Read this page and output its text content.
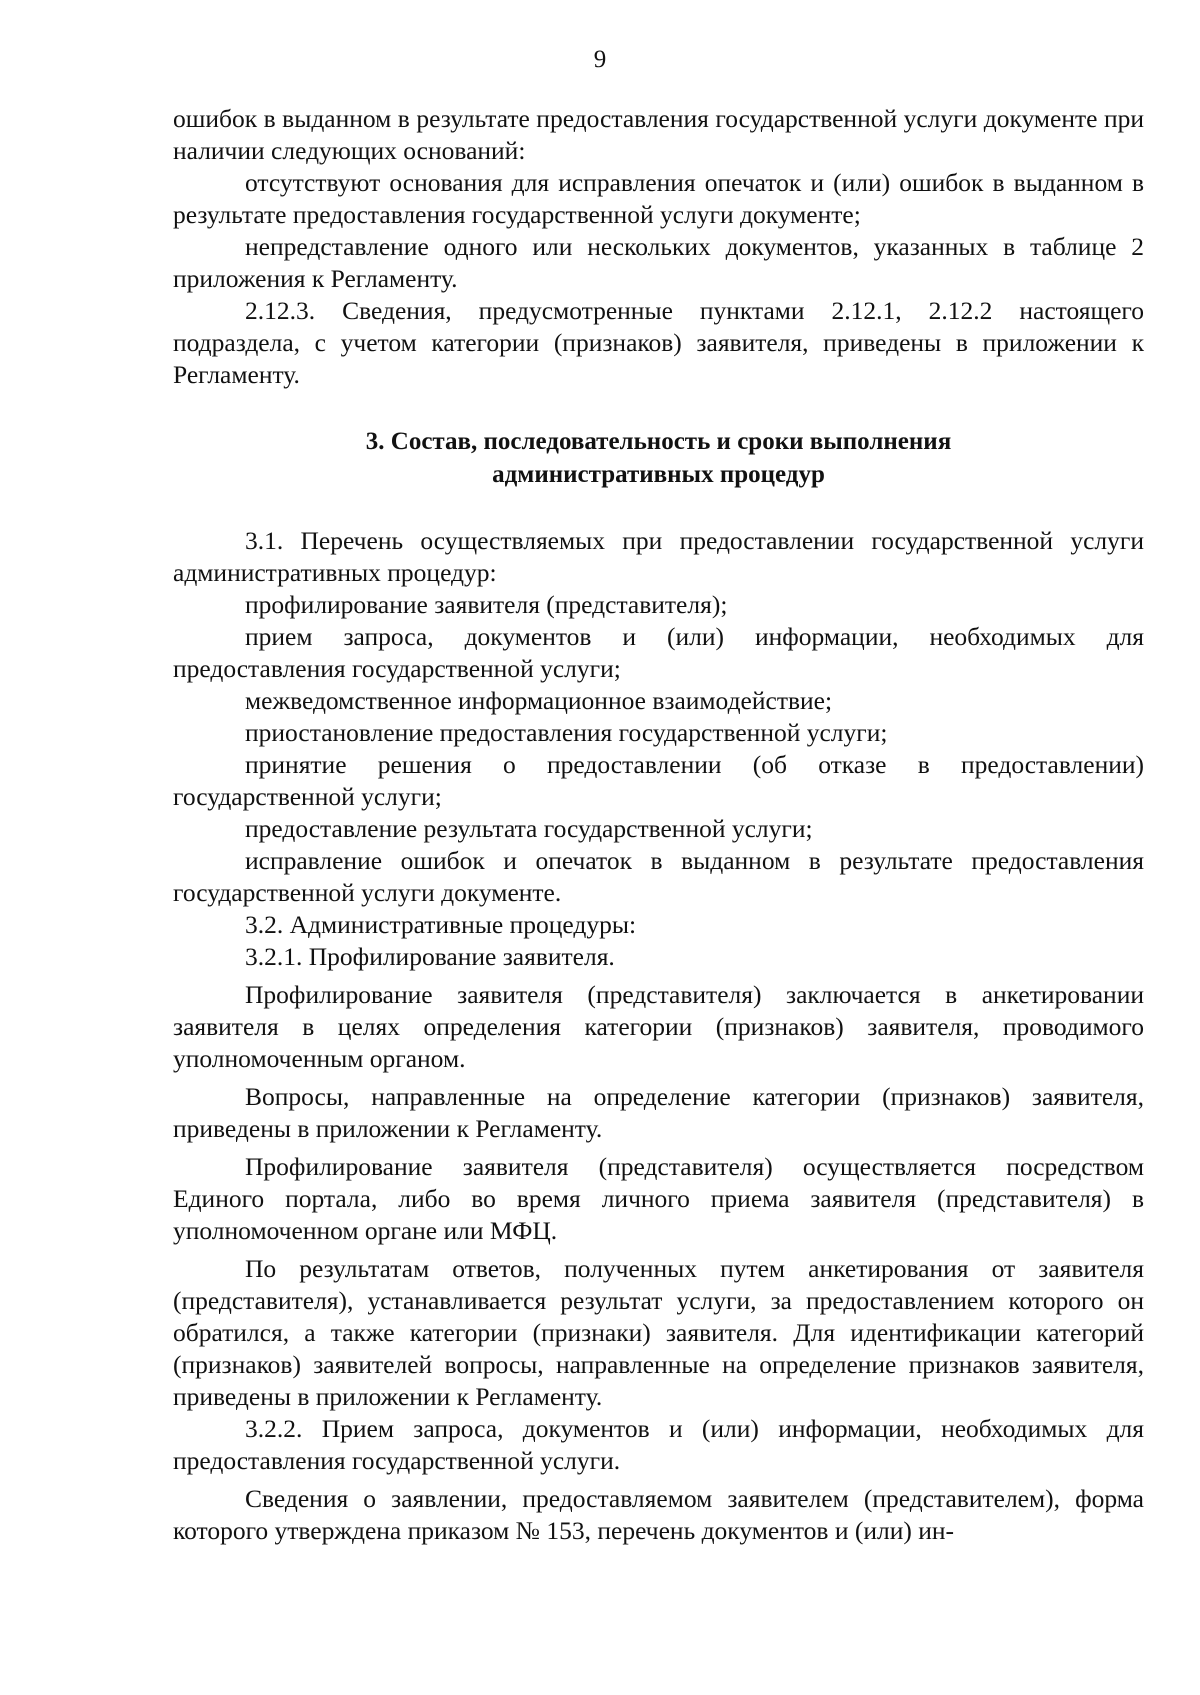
9

ошибок в выданном в результате предоставления государственной услуги документе при наличии следующих оснований:

отсутствуют основания для исправления опечаток и (или) ошибок в выданном в результате предоставления государственной услуги документе;

непредставление одного или нескольких документов, указанных в таблице 2 приложения к Регламенту.

2.12.3. Сведения, предусмотренные пунктами 2.12.1, 2.12.2 настоящего подраздела, с учетом категории (признаков) заявителя, приведены в приложении к Регламенту.

3. Состав, последовательность и сроки выполнения
административных процедур

3.1. Перечень осуществляемых при предоставлении государственной услуги административных процедур:

профилирование заявителя (представителя);

прием запроса, документов и (или) информации, необходимых для предоставления государственной услуги;

межведомственное информационное взаимодействие;

приостановление предоставления государственной услуги;

принятие решения о предоставлении (об отказе в предоставлении) государственной услуги;

предоставление результата государственной услуги;

исправление ошибок и опечаток в выданном в результате предоставления государственной услуги документе.

3.2. Административные процедуры:

3.2.1. Профилирование заявителя.

Профилирование заявителя (представителя) заключается в анкетировании заявителя в целях определения категории (признаков) заявителя, проводимого уполномоченным органом.

Вопросы, направленные на определение категории (признаков) заявителя, приведены в приложении к Регламенту.

Профилирование заявителя (представителя) осуществляется посредством Единого портала, либо во время личного приема заявителя (представителя) в уполномоченном органе или МФЦ.

По результатам ответов, полученных путем анкетирования от заявителя (представителя), устанавливается результат услуги, за предоставлением которого он обратился, а также категории (признаки) заявителя. Для идентификации категорий (признаков) заявителей вопросы, направленные на определение признаков заявителя, приведены в приложении к Регламенту.

3.2.2. Прием запроса, документов и (или) информации, необходимых для предоставления государственной услуги.

Сведения о заявлении, предоставляемом заявителем (представителем), форма которого утверждена приказом № 153, перечень документов и (или) ин-
